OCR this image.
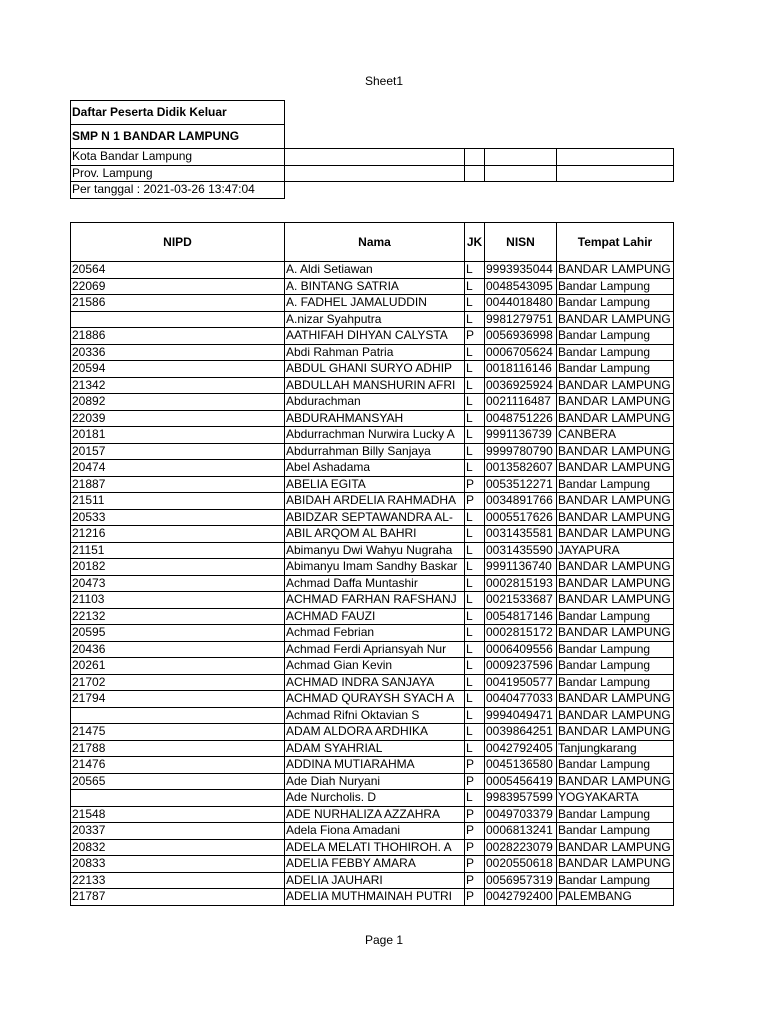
Sheet1
Daftar Peserta Didik Keluar				
SMP N 1 BANDAR LAMPUNG				
Kota Bandar Lampung				
Prov. Lampung				
Per tanggal : 2021-03-26 13:47:04				
NIPD	Nama	JK	NISN	Tempat Lahir
20564	A. Aldi Setiawan	L	9993935044	BANDAR LAMPUNG
22069	A. BINTANG SATRIA	L	0048543095	Bandar Lampung
21586	A. FADHEL JAMALUDDIN	L	0044018480	Bandar Lampung
	A.nizar Syahputra	L	9981279751	BANDAR LAMPUNG
21886	AATHIFAH DIHYAN CALYSTA	P	0056936998	Bandar Lampung
20336	Abdi Rahman Patria	L	0006705624	Bandar Lampung
20594	ABDUL GHANI SURYO ADHIP	L	0018116146	Bandar Lampung
21342	ABDULLAH MANSHURIN AFRI	L	0036925924	BANDAR LAMPUNG
20892	Abdurachman	L	0021116487	BANDAR LAMPUNG
22039	ABDURAHMANSYAH	L	0048751226	BANDAR LAMPUNG
20181	Abdurrachman Nurwira Lucky A	L	9991136739	CANBERA
20157	Abdurrahman Billy Sanjaya	L	9999780790	BANDAR LAMPUNG
20474	Abel Ashadama	L	0013582607	BANDAR LAMPUNG
21887	ABELIA EGITA	P	0053512271	Bandar Lampung
21511	ABIDAH ARDELIA RAHMADHA	P	0034891766	BANDAR LAMPUNG
20533	ABIDZAR SEPTAWANDRA AL-	L	0005517626	BANDAR LAMPUNG
21216	ABIL ARQOM AL BAHRI	L	0031435581	BANDAR LAMPUNG
21151	Abimanyu Dwi Wahyu Nugraha	L	0031435590	JAYAPURA
20182	Abimanyu Imam Sandhy Baskar	L	9991136740	BANDAR LAMPUNG
20473	Achmad Daffa Muntashir	L	0002815193	BANDAR LAMPUNG
21103	ACHMAD FARHAN RAFSHANJ	L	0021533687	BANDAR LAMPUNG
22132	ACHMAD FAUZI	L	0054817146	Bandar Lampung
20595	Achmad Febrian	L	0002815172	BANDAR LAMPUNG
20436	Achmad Ferdi Apriansyah Nur	L	0006409556	Bandar Lampung
20261	Achmad Gian Kevin	L	0009237596	Bandar Lampung
21702	ACHMAD INDRA SANJAYA	L	0041950577	Bandar Lampung
21794	ACHMAD QURAYSH SYACH A	L	0040477033	BANDAR LAMPUNG
	Achmad Rifni Oktavian S	L	9994049471	BANDAR LAMPUNG
21475	ADAM ALDORA ARDHIKA	L	0039864251	BANDAR LAMPUNG
21788	ADAM SYAHRIAL	L	0042792405	Tanjungkarang
21476	ADDINA MUTIARAHMA	P	0045136580	Bandar Lampung
20565	Ade Diah Nuryani	P	0005456419	BANDAR LAMPUNG
	Ade Nurcholis. D	L	9983957599	YOGYAKARTA
21548	ADE NURHALIZA AZZAHRA	P	0049703379	Bandar Lampung
20337	Adela Fiona Amadani	P	0006813241	Bandar Lampung
20832	ADELA MELATI THOHIROH. A	P	0028223079	BANDAR LAMPUNG
20833	ADELIA FEBBY AMARA	P	0020550618	BANDAR LAMPUNG
22133	ADELIA JAUHARI	P	0056957319	Bandar Lampung
21787	ADELIA MUTHMAINAH PUTRI	P	0042792400	PALEMBANG
Page 1
